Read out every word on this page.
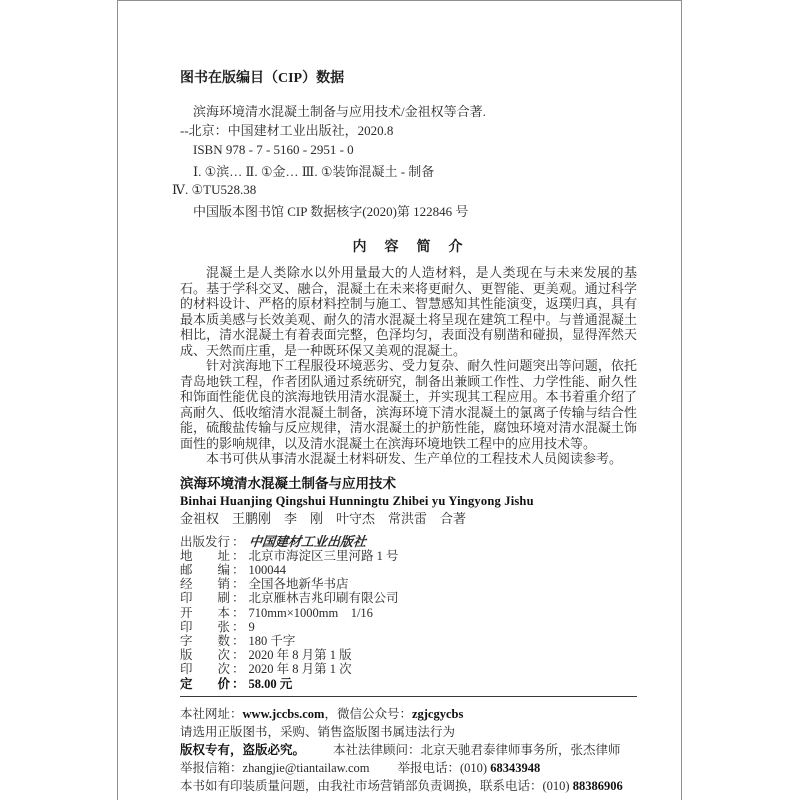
图书在版编目（CIP）数据
滨海环境清水混凝土制备与应用技术/金祖权等合著.
--北京：中国建材工业出版社，2020.8
ISBN 978 - 7 - 5160 - 2951 - 0
Ⅰ. ①滨… Ⅱ. ①金… Ⅲ. ①装饰混凝土 - 制备
Ⅳ. ①TU528.38
中国版本图书馆 CIP 数据核字(2020)第 122846 号
内　容　简　介

混凝土是人类除水以外用量最大的人造材料，是人类现在与未来发展的基石。基于学科交叉、融合，混凝土在未来将更耐久、更智能、更美观。通过科学的材料设计、严格的原材料控制与施工、智慧感知其性能演变，返璞归真，具有最本质美感与长效美观、耐久的清水混凝土将呈现在建筑工程中。与普通混凝土相比，清水混凝土有着表面完整，色泽均匀，表面没有剔凿和碰损，显得浑然天成、天然而庄重，是一种既环保又美观的混凝土。

针对滨海地下工程服役环境恶劣、受力复杂、耐久性问题突出等问题，依托青岛地铁工程，作者团队通过系统研究，制备出兼顾工作性、力学性能、耐久性和饰面性能优良的滨海地铁用清水混凝土，并实现其工程应用。本书着重介绍了高耐久、低收缩清水混凝土制备，滨海环境下清水混凝土的氯离子传输与结合性能，硫酸盐传输与反应规律，清水混凝土的护筋性能，腐蚀环境对清水混凝土饰面性的影响规律，以及清水混凝土在滨海环境地铁工程中的应用技术等。

本书可供从事清水混凝土材料研发、生产单位的工程技术人员阅读参考。

滨海环境清水混凝土制备与应用技术
Binhai Huanjing Qingshui Hunningtu Zhibei yu Yingyong Jishu
金祖权　王鹏刚　李　刚　叶守杰　常洪雷　合著
出版发行 ： 中国建材工业出版社
地　　址 ： 北京市海淀区三里河路 1 号
邮　　编 ： 100044
经　　销 ： 全国各地新华书店
印　　刷 ： 北京雁林吉兆印刷有限公司
开　　本 ： 710mm×1000mm　1/16
印　　张 ： 9
字　　数 ： 180 千字
版　　次 ： 2020 年 8 月第 1 版
印　　次 ： 2020 年 8 月第 1 次
定　　价 ： 58.00 元
本社网址：www.jccbs.com，微信公众号：zgjcgycbs
请选用正版图书，采购、销售盗版图书属违法行为
版权专有，盗版必究。 本社法律顾问：北京天驰君泰律师事务所，张杰律师
举报信箱：zhangjie@tiantailaw.com 举报电话：(010) 68343948
本书如有印装质量问题，由我社市场营销部负责调换，联系电话：(010) 88386906
